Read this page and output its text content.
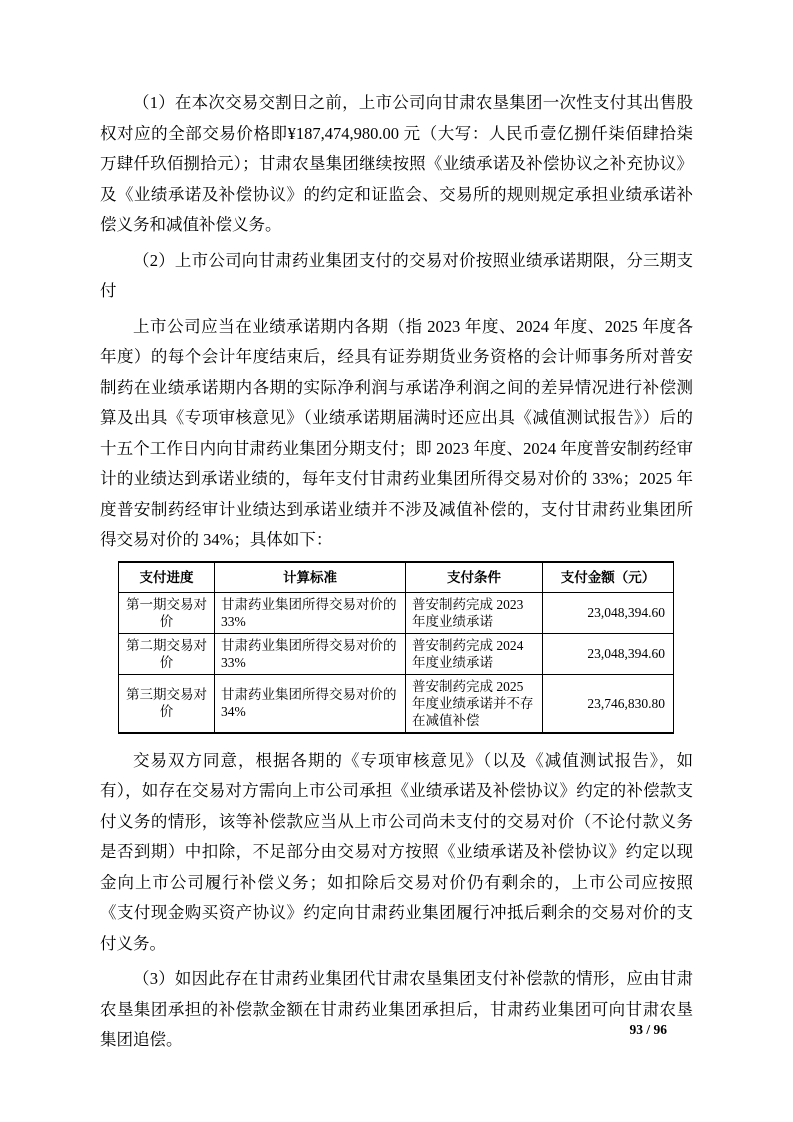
（1）在本次交易交割日之前，上市公司向甘肃农垦集团一次性支付其出售股权对应的全部交易价格即¥187,474,980.00 元（大写：人民币壹亿捌仟柒佰肆拾柒万肆仟玖佰捌拾元）；甘肃农垦集团继续按照《业绩承诺及补偿协议之补充协议》及《业绩承诺及补偿协议》的约定和证监会、交易所的规则规定承担业绩承诺补偿义务和减值补偿义务。

（2）上市公司向甘肃药业集团支付的交易对价按照业绩承诺期限，分三期支付

上市公司应当在业绩承诺期内各期（指 2023 年度、2024 年度、2025 年度各年度）的每个会计年度结束后，经具有证券期货业务资格的会计师事务所对普安制药在业绩承诺期内各期的实际净利润与承诺净利润之间的差异情况进行补偿测算及出具《专项审核意见》（业绩承诺期届满时还应出具《减值测试报告》）后的十五个工作日内向甘肃药业集团分期支付；即 2023 年度、2024 年度普安制药经审计的业绩达到承诺业绩的，每年支付甘肃药业集团所得交易对价的 33%；2025 年度普安制药经审计业绩达到承诺业绩并不涉及减值补偿的，支付甘肃药业集团所得交易对价的 34%；具体如下：

支付进度	计算标准	支付条件	支付金额（元）
第一期交易对价	甘肃药业集团所得交易对价的 33%	普安制药完成 2023 年度业绩承诺	23,048,394.60
第二期交易对价	甘肃药业集团所得交易对价的 33%	普安制药完成 2024 年度业绩承诺	23,048,394.60
第三期交易对价	甘肃药业集团所得交易对价的 34%	普安制药完成 2025 年度业绩承诺并不存在减值补偿	23,746,830.80

交易双方同意，根据各期的《专项审核意见》（以及《减值测试报告》，如有），如存在交易对方需向上市公司承担《业绩承诺及补偿协议》约定的补偿款支付义务的情形，该等补偿款应当从上市公司尚未支付的交易对价（不论付款义务是否到期）中扣除，不足部分由交易对方按照《业绩承诺及补偿协议》约定以现金向上市公司履行补偿义务；如扣除后交易对价仍有剩余的，上市公司应按照《支付现金购买资产协议》约定向甘肃药业集团履行冲抵后剩余的交易对价的支付义务。

（3）如因此存在甘肃药业集团代甘肃农垦集团支付补偿款的情形，应由甘肃农垦集团承担的补偿款金额在甘肃药业集团承担后，甘肃药业集团可向甘肃农垦集团追偿。

93 / 96
